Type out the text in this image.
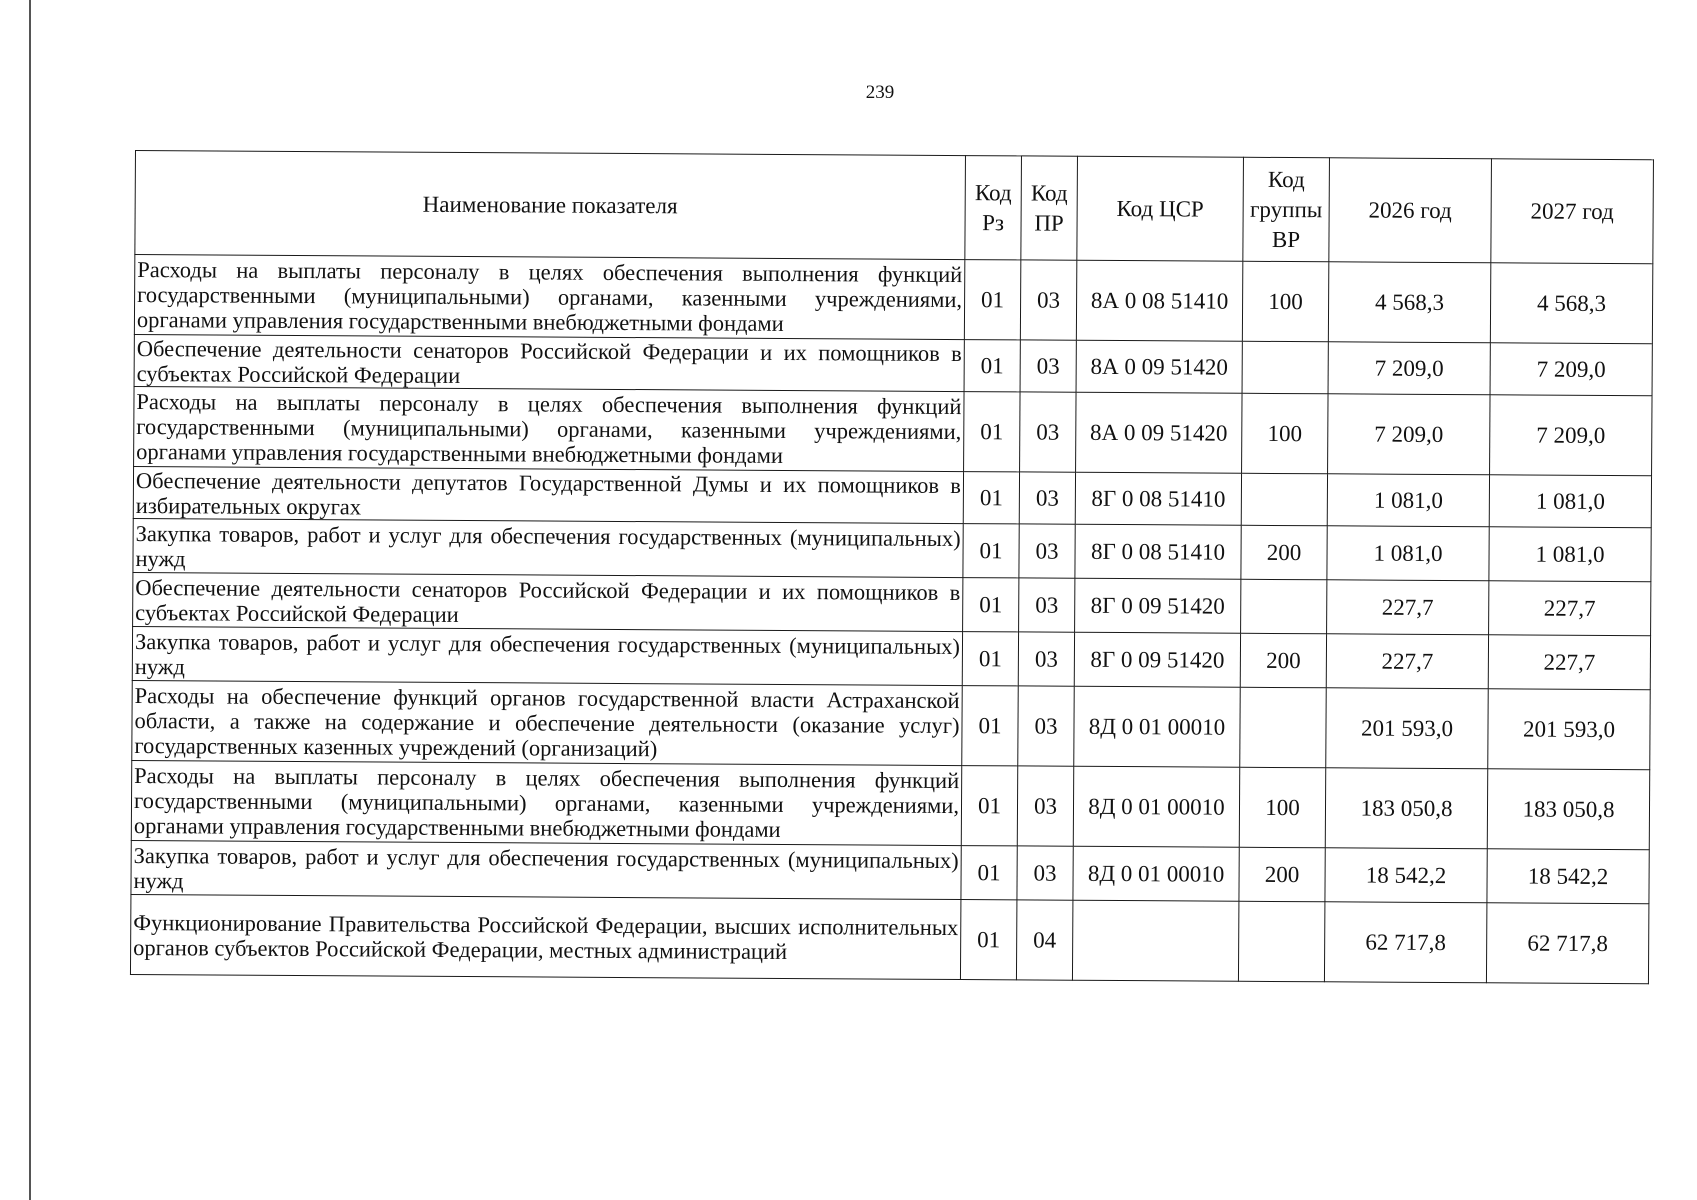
239
Наименование показателя	Код Рз	Код ПР	Код ЦСР	Код группы ВР	2026 год	2027 год
Расходы на выплаты персоналу в целях обеспечения выполнения функций государственными (муниципальными) органами, казенными учреждениями, органами управления государственными внебюджетными фондами	01	03	8А 0 08 51410	100	4 568,3	4 568,3
Обеспечение деятельности сенаторов Российской Федерации и их помощников в субъектах Российской Федерации	01	03	8А 0 09 51420		7 209,0	7 209,0
Расходы на выплаты персоналу в целях обеспечения выполнения функций государственными (муниципальными) органами, казенными учреждениями, органами управления государственными внебюджетными фондами	01	03	8А 0 09 51420	100	7 209,0	7 209,0
Обеспечение деятельности депутатов Государственной Думы и их помощников в избирательных округах	01	03	8Г 0 08 51410		1 081,0	1 081,0
Закупка товаров, работ и услуг для обеспечения государственных (муниципальных) нужд	01	03	8Г 0 08 51410	200	1 081,0	1 081,0
Обеспечение деятельности сенаторов Российской Федерации и их помощников в субъектах Российской Федерации	01	03	8Г 0 09 51420		227,7	227,7
Закупка товаров, работ и услуг для обеспечения государственных (муниципальных) нужд	01	03	8Г 0 09 51420	200	227,7	227,7
Расходы на обеспечение функций органов государственной власти Астраханской области, а также на содержание и обеспечение деятельности (оказание услуг) государственных казенных учреждений (организаций)	01	03	8Д 0 01 00010		201 593,0	201 593,0
Расходы на выплаты персоналу в целях обеспечения выполнения функций государственными (муниципальными) органами, казенными учреждениями, органами управления государственными внебюджетными фондами	01	03	8Д 0 01 00010	100	183 050,8	183 050,8
Закупка товаров, работ и услуг для обеспечения государственных (муниципальных) нужд	01	03	8Д 0 01 00010	200	18 542,2	18 542,2
Функционирование Правительства Российской Федерации, высших исполнительных органов субъектов Российской Федерации, местных администраций	01	04			62 717,8	62 717,8
